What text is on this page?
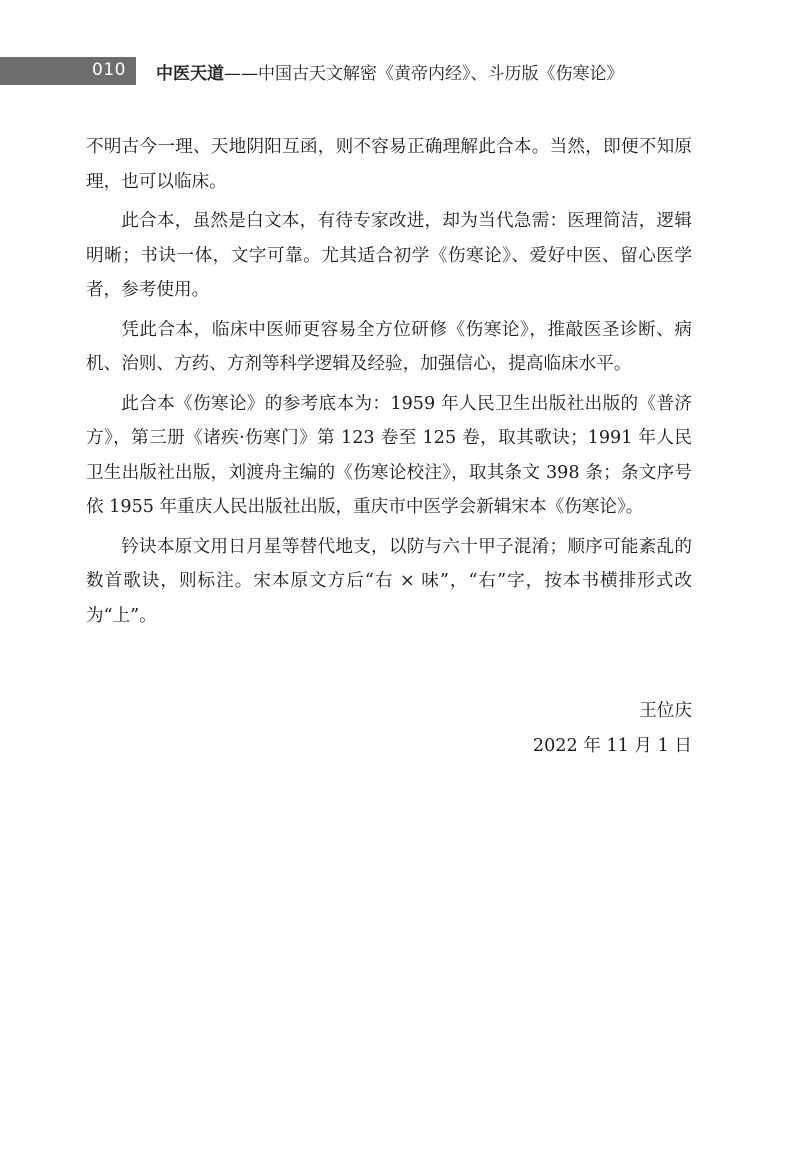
010 中医天道——中国古天文解密《黄帝内经》、斗历版《伤寒论》

不明古今一理、天地阴阳互函，则不容易正确理解此合本。当然，即便不知原理，也可以临床。

此合本，虽然是白文本，有待专家改进，却为当代急需：医理简洁，逻辑明晰；书诀一体，文字可靠。尤其适合初学《伤寒论》、爱好中医、留心医学者，参考使用。

凭此合本，临床中医师更容易全方位研修《伤寒论》，推敲医圣诊断、病机、治则、方药、方剂等科学逻辑及经验，加强信心，提高临床水平。

此合本《伤寒论》的参考底本为：1959 年人民卫生出版社出版的《普济方》，第三册《诸疾·伤寒门》第 123 卷至 125 卷，取其歌诀；1991 年人民卫生出版社出版，刘渡舟主编的《伤寒论校注》，取其条文 398 条；条文序号依 1955 年重庆人民出版社出版，重庆市中医学会新辑宋本《伤寒论》。

钤诀本原文用日月星等替代地支，以防与六十甲子混淆；顺序可能紊乱的数首歌诀，则标注。宋本原文方后“右 × 味”，“右”字，按本书横排形式改为“上”。

王位庆
2022 年 11 月 1 日
